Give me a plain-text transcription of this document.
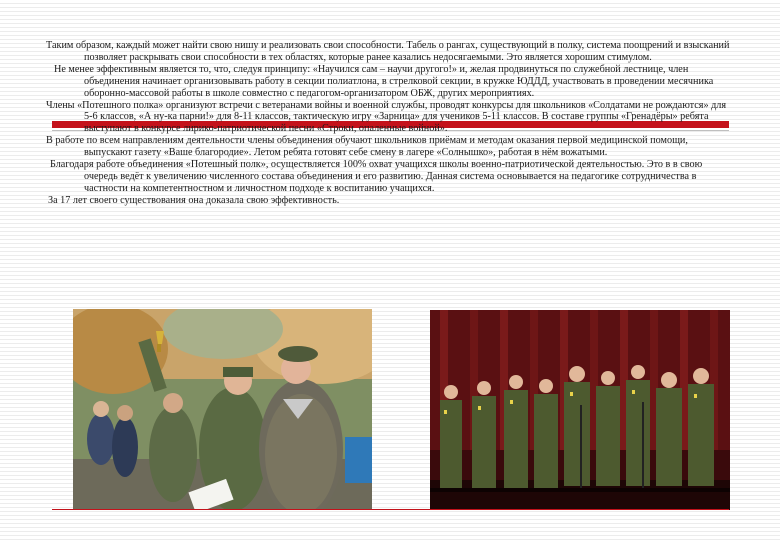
Таким образом, каждый может найти свою нишу и реализовать свои способности. Табель о рангах, существующий в полку, система поощрений и взысканий позволяет раскрывать свои способности в тех областях, которые ранее казались недосягаемыми. Это является хорошим стимулом.

Не менее эффективным является то, что, следуя принципу: «Научился сам – научи другого!» и, желая продвинуться по служебной лестнице, член объединения начинает организовывать работу в секции полиатлона, в стрелковой секции, в кружке ЮДДД, участвовать в проведении месячника оборонно-массовой работы в школе совместно с педагогом-организатором ОБЖ, других мероприятиях.

Члены «Потешного полка» организуют встречи с ветеранами войны и военной службы, проводят конкурсы для школьников «Солдатами не рождаются» для 5-6 классов, «А ну-ка парни!» для 8-11 классов, тактическую игру «Зарница» для учеников 5-11 классов. В составе группы «Гренадёры» ребята выступают в конкурсе лирико-патриотической песни «Строки, опаленные войной».

В работе по всем направлениям деятельности члены объединения обучают школьников приёмам и методам оказания первой медицинской помощи, выпускают газету «Ваше благородие». Летом ребята готовят себе смену в лагере «Солнышко», работая в нём вожатыми.

Благодаря работе объединения «Потешный полк», осуществляется 100% охват учащихся школы военно-патриотической деятельностью. Это в в свою очередь ведёт к увеличению численного состава объединения и его развитию. Данная система основывается на педагогике сотрудничества в частности на компетентностном и личностном подходе к воспитанию учащихся.

За 17 лет своего существования она доказала свою эффективность.
